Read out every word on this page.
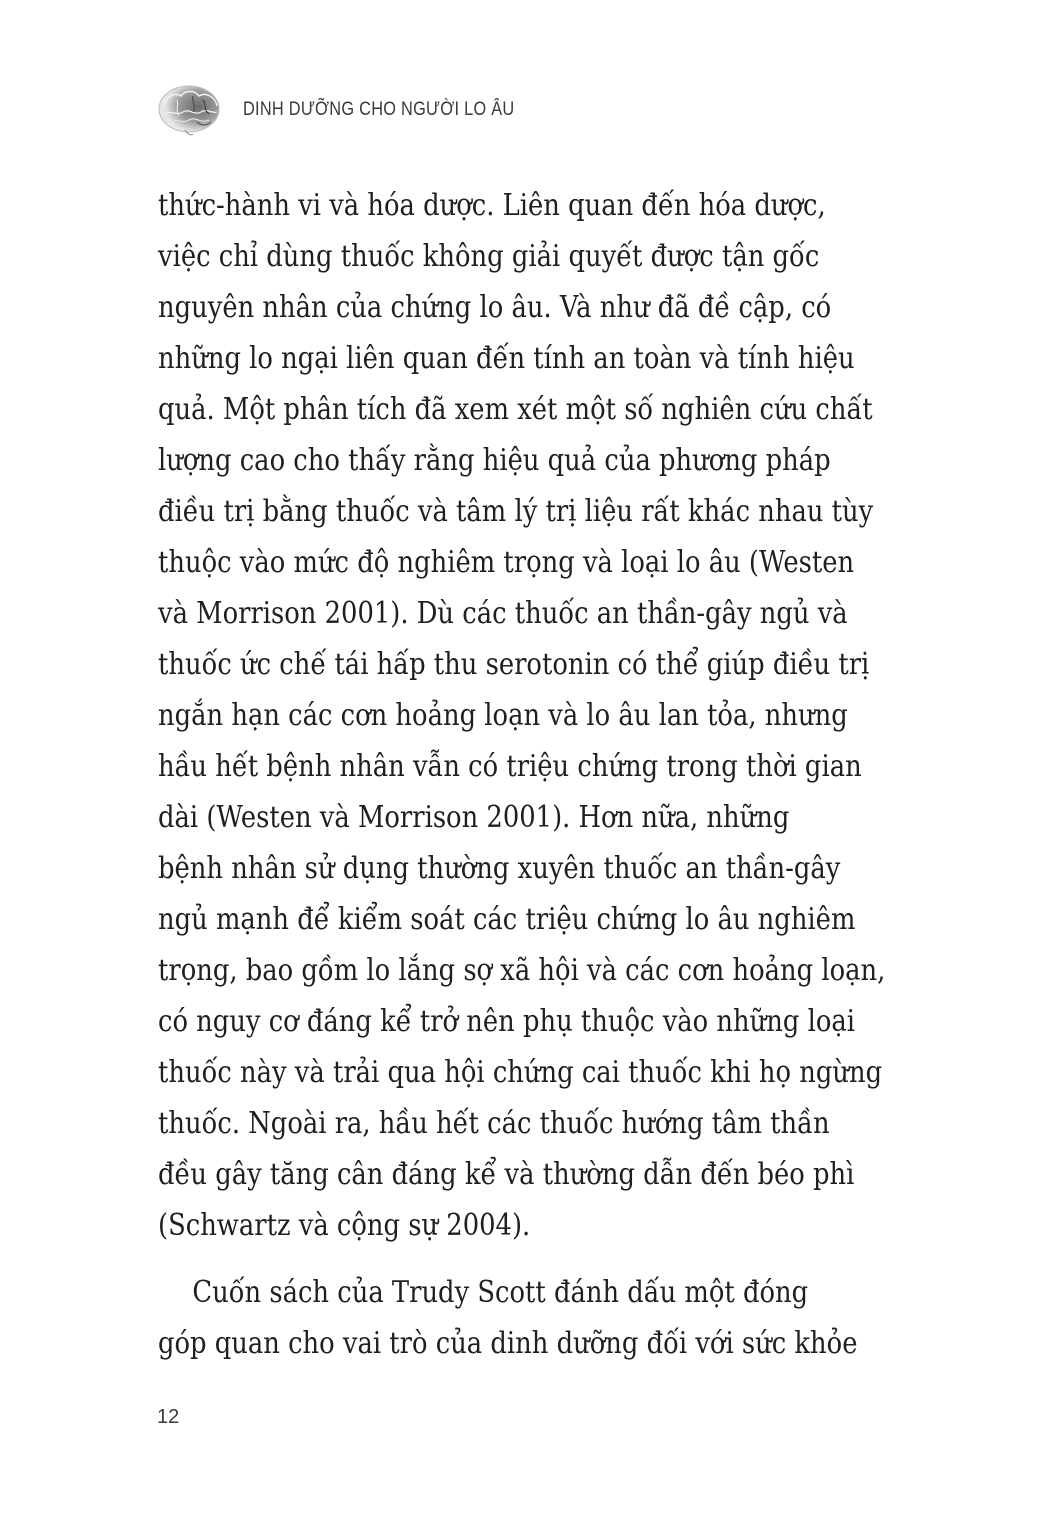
DINH DƯỠNG CHO NGƯỜI LO ÂU
thức-hành vi và hóa dược. Liên quan đến hóa dược,
việc chỉ dùng thuốc không giải quyết được tận gốc
nguyên nhân của chứng lo âu. Và như đã đề cập, có
những lo ngại liên quan đến tính an toàn và tính hiệu
quả. Một phân tích đã xem xét một số nghiên cứu chất
lượng cao cho thấy rằng hiệu quả của phương pháp
điều trị bằng thuốc và tâm lý trị liệu rất khác nhau tùy
thuộc vào mức độ nghiêm trọng và loại lo âu (Westen
và Morrison 2001). Dù các thuốc an thần-gây ngủ và
thuốc ức chế tái hấp thu serotonin có thể giúp điều trị
ngắn hạn các cơn hoảng loạn và lo âu lan tỏa, nhưng
hầu hết bệnh nhân vẫn có triệu chứng trong thời gian
dài (Westen và Morrison 2001). Hơn nữa, những
bệnh nhân sử dụng thường xuyên thuốc an thần-gây
ngủ mạnh để kiểm soát các triệu chứng lo âu nghiêm
trọng, bao gồm lo lắng sợ xã hội và các cơn hoảng loạn,
có nguy cơ đáng kể trở nên phụ thuộc vào những loại
thuốc này và trải qua hội chứng cai thuốc khi họ ngừng
thuốc. Ngoài ra, hầu hết các thuốc hướng tâm thần
đều gây tăng cân đáng kể và thường dẫn đến béo phì
(Schwartz và cộng sự 2004).
Cuốn sách của Trudy Scott đánh dấu một đóng
góp quan cho vai trò của dinh dưỡng đối với sức khỏe
12
